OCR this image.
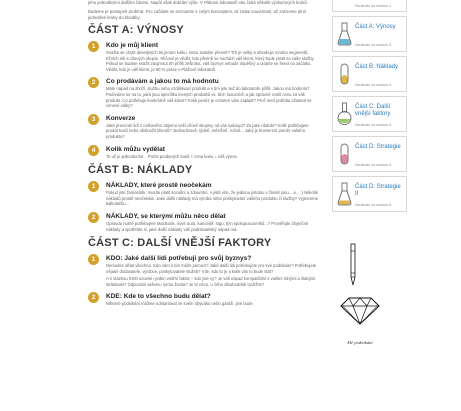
jeho jednotlivými dalšími částmi. Napůl však dobrání výše. V Plátové laboratoři vás čeká několik výzkumných kroků.

Budeme je postupně probírat. Pro začátek se seznamte s celým konceptem, ať znáte souvislosti, až začneme plnit jednotlivé kroky do hloubky.

ČÁST A: VÝNOSY
1	Kdo je můj klient

Snažte se chytit desetjiných tis jenom kulku, nebo zamilite přesně? Trh je velký a obsahuje mnoho segmentů, tržních nik a cílových skupin. Klíčové je vědět, kdo přesně se nachází váš klient, který bude platit za vaše služby. Pokud se budete snažit zaujmout trh příliš zeširoka, váš byznys nebude úspěšný a utopíte se hned na začátku. Vědět, kdo je váš klient, je 80 % práce v Plážové laboratoři.

2	Co prodávám a jakou to má hodnotu

Máte nápad na zboží, službu nebo vzdělávací produkt a s tím jste teď do laboratoře přišli. Jakou má hodnotu? Podíváme se na to, jaká jsou specifika levných produktů vs. těch luxusních a jak správně zvolit cenu za váš produkt. Co potřebuje konkrétně váš klient? Kolik peněz je ochoten vám zaplatit? Proč není potřeba účastnit se cenové války?

3	Konverze

Jaké procento lidí z celkového objemu vaší cílové skupiny od vás nakoupí? Za jaké období? Kolik potřebujete prodat kusů nebo obsloužit klientů? Jednorázově, týdně, měsíčně, ročně... Jaký je konverzní poměr vašeho produktu?

4	Kolik můžu vydělat

To už je jednoduché... Počet prodaných kusů × cena kusu = váš výnos.

ČÁST B: NÁKLADY
1	NÁKLADY, které prostě neočekám

Pokud jste živnostník, musíte platit sociální a zdravotní. A jistě víte, že jedinou jistotou v životě jsou... a... :) Několik nákladů prostě neočekáte. Jaké další náklady má výroba nebo poskytování vašeho produktu či služby? Vyjmenme kalkulačku...

2	NÁKLADY, se kterými můžu něco dělat

Opravdu nutně potřebujete MacBook, nové auto, kancelář, logo, tým spolupracovníků...? Prověřujte zbytečné náklady a spotřebte si, jaké další náklady váš podnikatelský nápad má.

ČÁST C: DALŠÍ VNĚJŠÍ FAKTORY
1	KDO: Jaké další lidi potřebuji pro svůj byznys?

Nemusíte dělat všechno. Kdo vám s tím může pomoct? Jaké další lidi potřebujete pro své podnikání? Potřebujete nějaké dodavatele, výrobce, poskytovatele služeb? Víte, kdo to je a kolik vás to bude stát?

A s otázkou KDO souvisí i jeden vnitřní faktor – kdo jste vy? Je váš nápad kompatibilní s vašimi silnými a slabými stránkami? Odpovídá vašemu rytmu života? Je to něco, u čeho dlouhodobě vydržíte?

2	KDE: Kde to všechno budu dělat?

Některé podnikání můžete odstartovat ve svém obýváku nebo garáži, jiné bude

Na studiu od modulu 1.
Část A: Výnosy
Na studiu od modulu 3.
Část B: Náklady
Na studiu od modulu 4.
Část C: Další vnější faktory
Na studiu od modulu 5.
Část D: Strategie
Na studiu od modulu 5.
Část D: Strategie II
Na studiu od modulu 6.
Mé podnikání
